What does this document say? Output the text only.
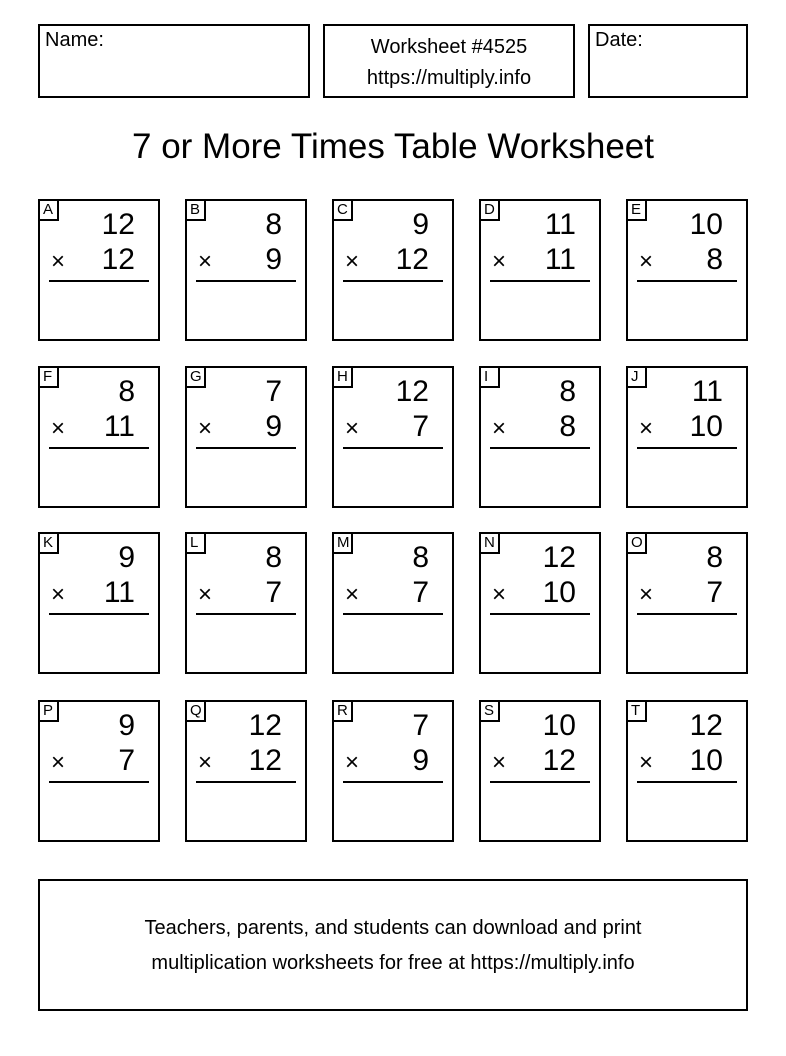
Name:	Worksheet #4525
https://multiply.info
Date:
7 or More Times Table Worksheet
A 12
× 12
B 8
× 9
C 9
× 12
D 11
× 11
E 10
× 8
F 8
× 11
G 7
× 9
H 12
× 7
I	8
× 8
J 11
× 10
K 9
× 11
L 8
× 7
M 8
× 7
N 12
× 10
O 8
× 7
P 9
× 7
Q 12
× 12
R 7
× 9
S 10
× 12
T 12
× 10
Teachers, parents, and students can download and print
multiplication worksheets for free at https://multiply.info
